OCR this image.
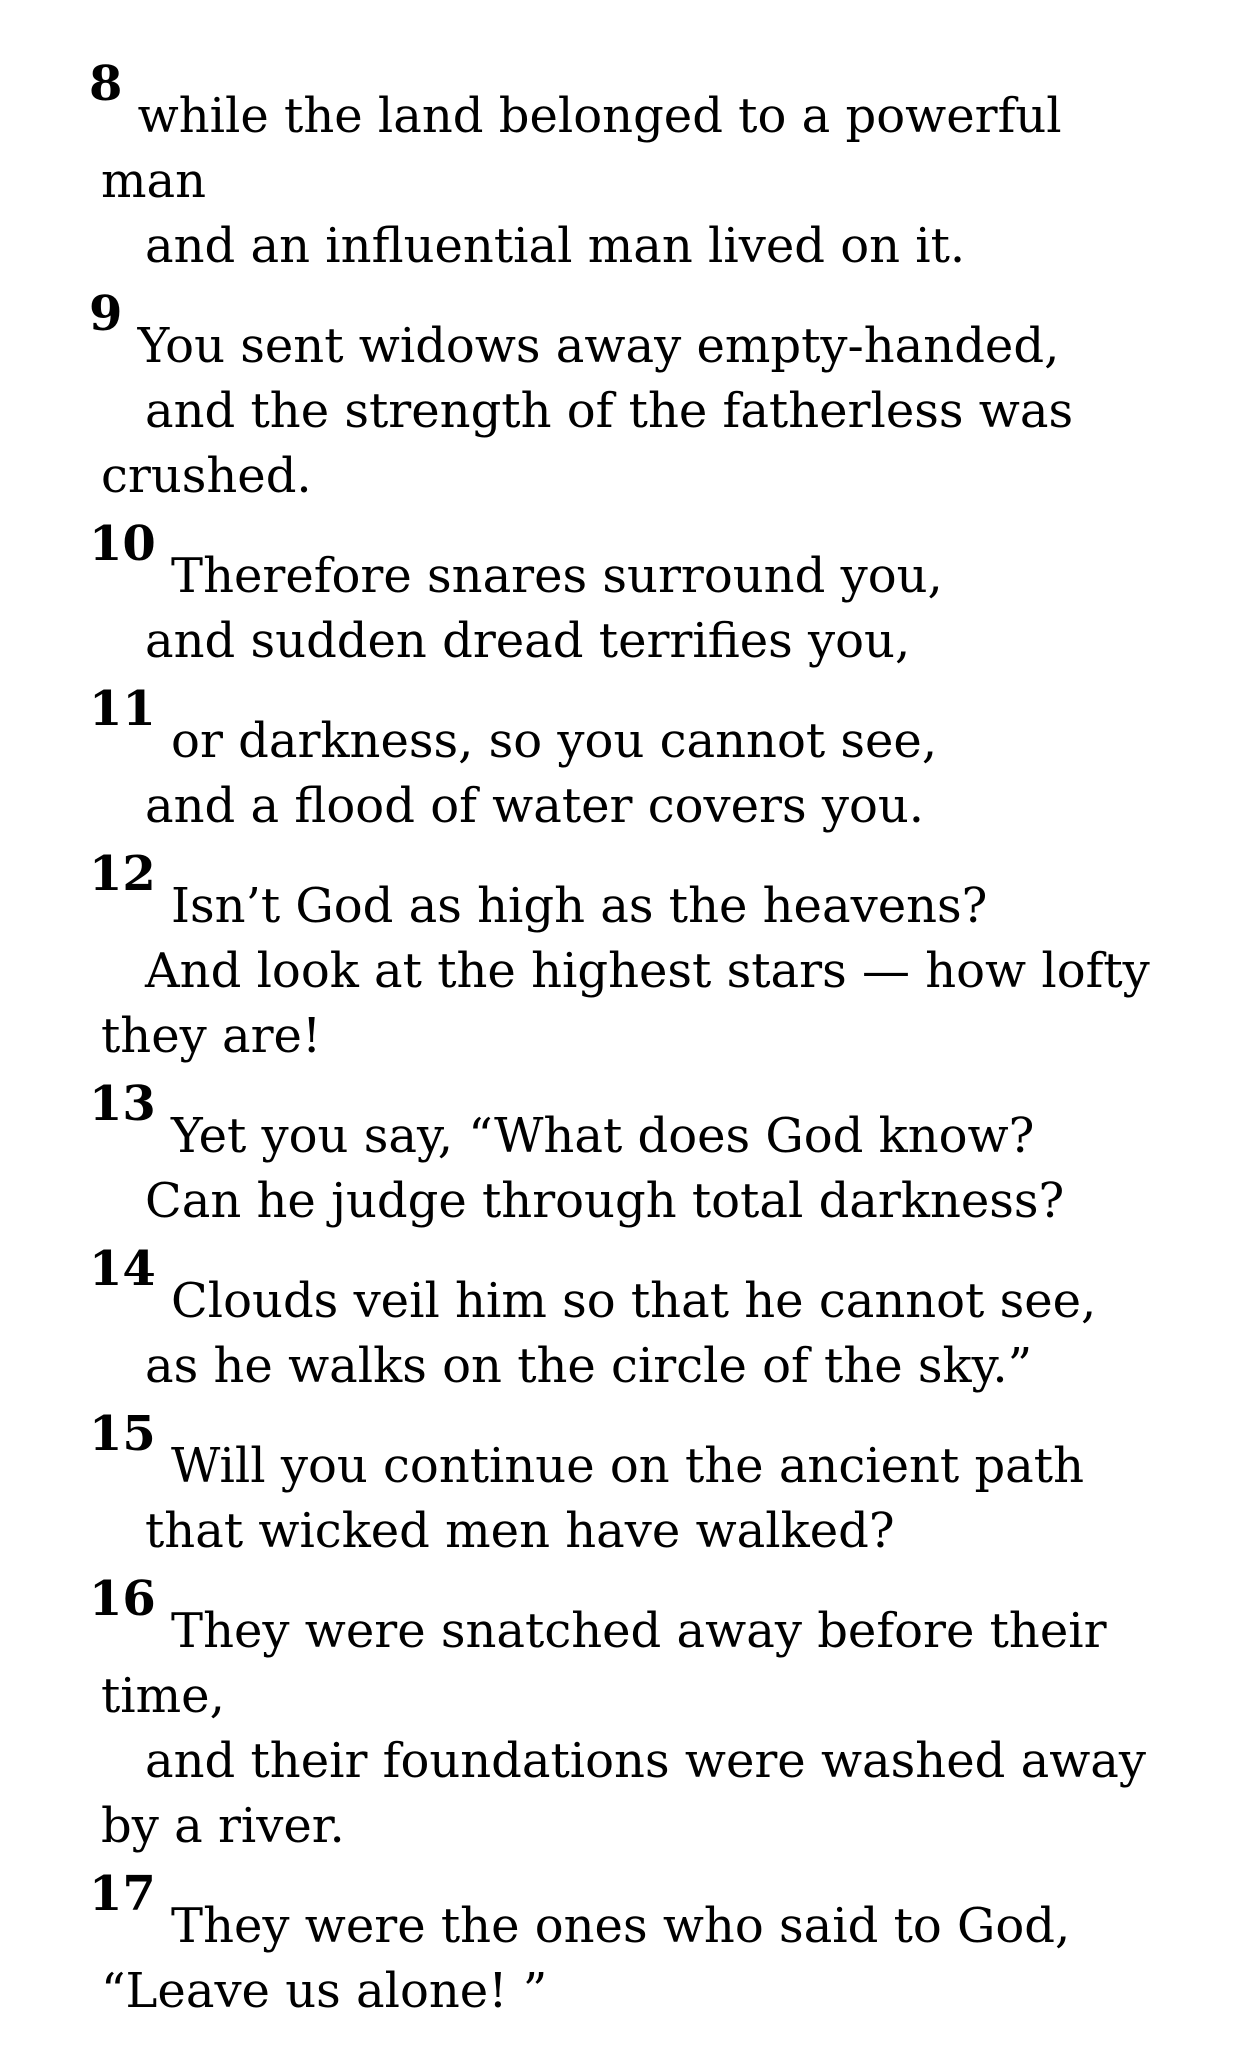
8 while the land belonged to a powerful
man
and an influential man lived on it.
9 You sent widows away empty-handed,
and the strength of the fatherless was
crushed.
10 Therefore snares surround you,
and sudden dread terrifies you,
11 or darkness, so you cannot see,
and a flood of water covers you.
12 Isn’t God as high as the heavens?
And look at the highest stars — how lofty
they are!
13 Yet you say, “What does God know?
Can he judge through total darkness?
14 Clouds veil him so that he cannot see,
as he walks on the circle of the sky.”
15 Will you continue on the ancient path
that wicked men have walked?
16 They were snatched away before their
time,
and their foundations were washed away
by a river.
17 They were the ones who said to God,
“Leave us alone! ”
